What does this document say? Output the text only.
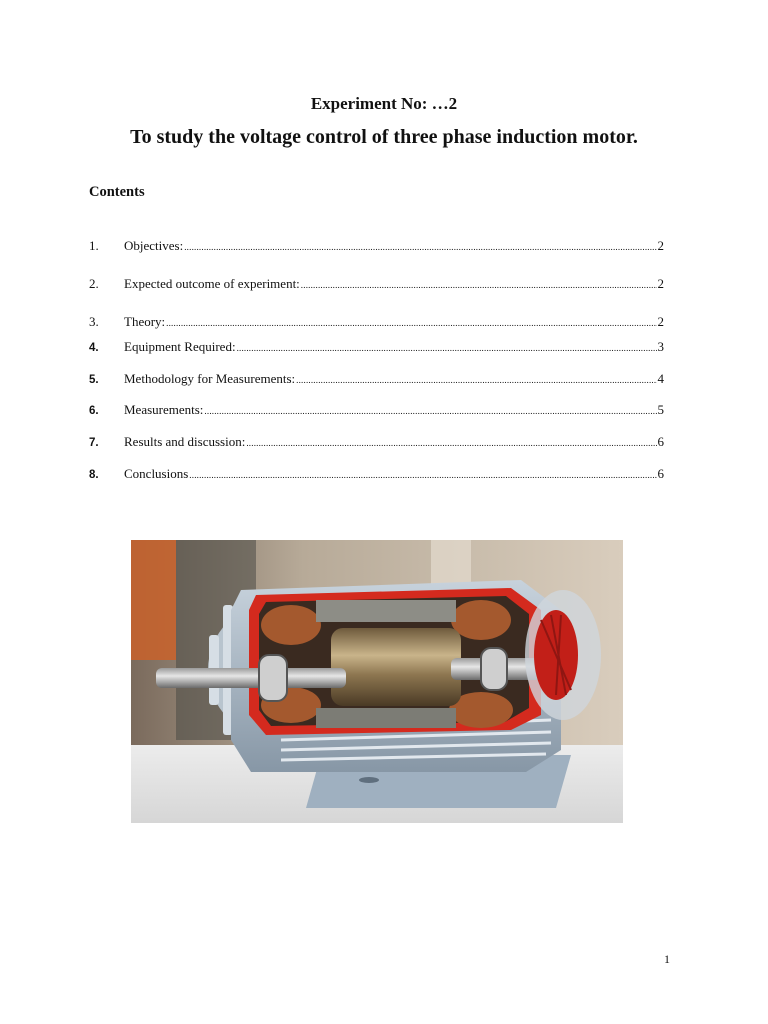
Experiment No: …2
To study the voltage control of three phase induction motor.
Contents
1.	Objectives: .....	2
2.	Expected outcome of experiment: .....	2
3.	Theory: .....	2
4.	Equipment Required: .....	3
5.	Methodology for Measurements: .....	4
6.	Measurements: .....	5
7.	Results and discussion: .....	6
8.	Conclusions .....	6
1
